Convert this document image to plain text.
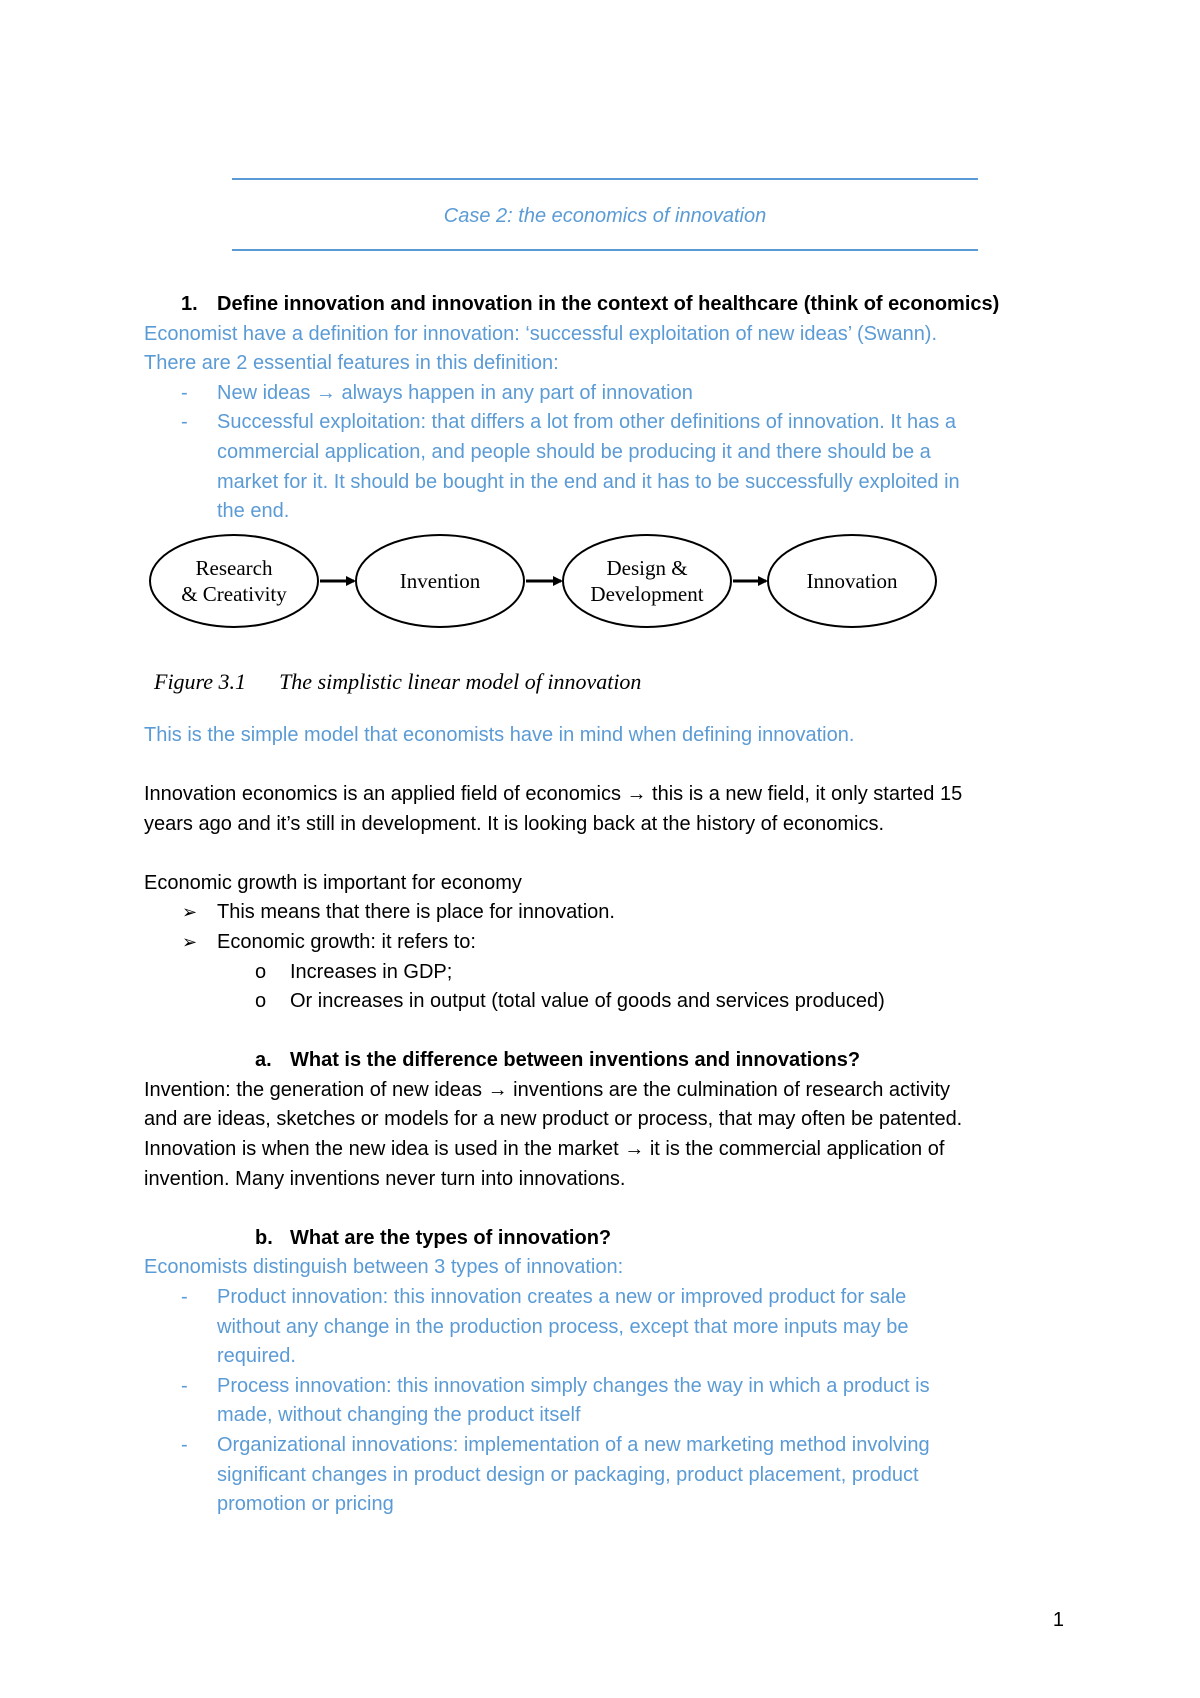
Case 2: the economics of innovation
1. Define innovation and innovation in the context of healthcare (think of economics)
Economist have a definition for innovation: ‘successful exploitation of new ideas’ (Swann).
There are 2 essential features in this definition:
- New ideas → always happen in any part of innovation
- Successful exploitation: that differs a lot from other definitions of innovation. It has a
commercial application, and people should be producing it and there should be a
market for it. It should be bought in the end and it has to be successfully exploited in
the end.
Research
& Creativity
Invention
Design &
Development
Innovation
Figure 3.1 The simplistic linear model of innovation
This is the simple model that economists have in mind when defining innovation.
Innovation economics is an applied field of economics → this is a new field, it only started 15
years ago and it’s still in development. It is looking back at the history of economics.
Economic growth is important for economy
➢ This means that there is place for innovation.
➢ Economic growth: it refers to:
o Increases in GDP;
o Or increases in output (total value of goods and services produced)
a. What is the difference between inventions and innovations?
Invention: the generation of new ideas → inventions are the culmination of research activity
and are ideas, sketches or models for a new product or process, that may often be patented.
Innovation is when the new idea is used in the market → it is the commercial application of
invention. Many inventions never turn into innovations.
b. What are the types of innovation?
Economists distinguish between 3 types of innovation:
- Product innovation: this innovation creates a new or improved product for sale
without any change in the production process, except that more inputs may be
required.
- Process innovation: this innovation simply changes the way in which a product is
made, without changing the product itself
- Organizational innovations: implementation of a new marketing method involving
significant changes in product design or packaging, product placement, product
promotion or pricing
1
